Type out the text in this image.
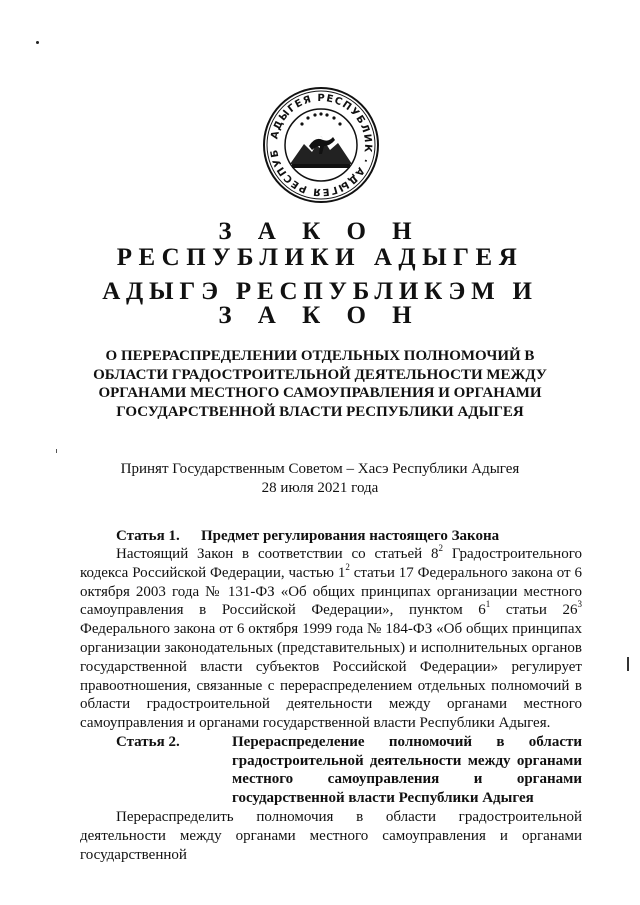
АДЫГЕЯ РЕСПУБЛИК · АДЫГЕЯ РЕСПУБ
З А К О Н
РЕСПУБЛИКИ АДЫГЕЯ
АДЫГЭ РЕСПУБЛИКЭМ И
З А К О Н
О ПЕРЕРАСПРЕДЕЛЕНИИ ОТДЕЛЬНЫХ ПОЛНОМОЧИЙ В ОБЛАСТИ ГРАДОСТРОИТЕЛЬНОЙ ДЕЯТЕЛЬНОСТИ МЕЖДУ ОРГАНАМИ МЕСТНОГО САМОУПРАВЛЕНИЯ И ОРГАНАМИ ГОСУДАРСТВЕННОЙ ВЛАСТИ РЕСПУБЛИКИ АДЫГЕЯ
Принят Государственным Советом – Хасэ Республики Адыгея
28 июля 2021 года
Статья 1. Предмет регулирования настоящего Закона
Настоящий Закон в соответствии со статьей $8^2$ Градостроительного кодекса Российской Федерации, частью $1^2$ статьи 17 Федерального закона от 6 октября 2003 года № 131-ФЗ «Об общих принципах организации местного самоуправления в Российской Федерации», пунктом $6^1$ статьи $26^3$ Федерального закона от 6 октября 1999 года № 184-ФЗ «Об общих принципах организации законодательных (представительных) и исполнительных органов государственной власти субъектов Российской Федерации» регулирует правоотношения, связанные с перераспределением отдельных полномочий в области градостроительной деятельности между органами местного самоуправления и органами государственной власти Республики Адыгея.
Статья 2.	Перераспределение полномочий в области градостроительной деятельности между органами местного самоуправления и органами государственной власти Республики Адыгея
Перераспределить полномочия в области градостроительной деятельности между органами местного самоуправления и органами государственной
